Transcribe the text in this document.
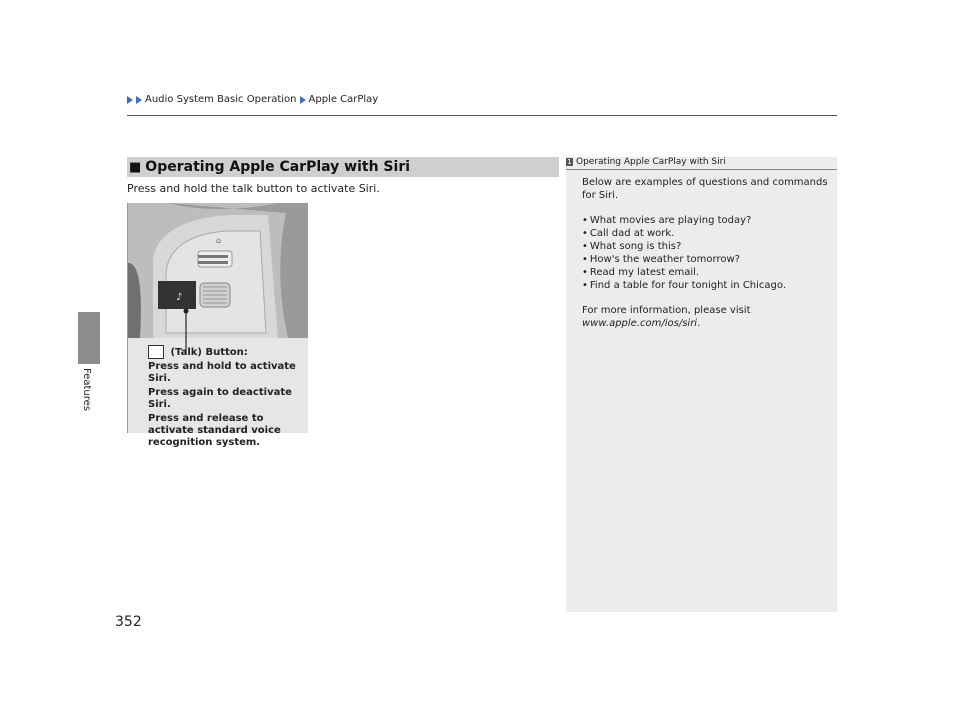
Audio System Basic Operation Apple CarPlay
Features
■ Operating Apple CarPlay with Siri
Press and hold the talk button to activate Siri.
⌂
♪

(Talk) Button:

Press and hold to activate Siri.

Press again to deactivate Siri.

Press and release to activate standard voice recognition system.

1 Operating Apple CarPlay with Siri

Below are examples of questions and commands for Siri.

• What movies are playing today?
• Call dad at work.
• What song is this?
• How's the weather tomorrow?
• Read my latest email.
• Find a table for four tonight in Chicago.

For more information, please visit
www.apple.com/ios/siri.

352
